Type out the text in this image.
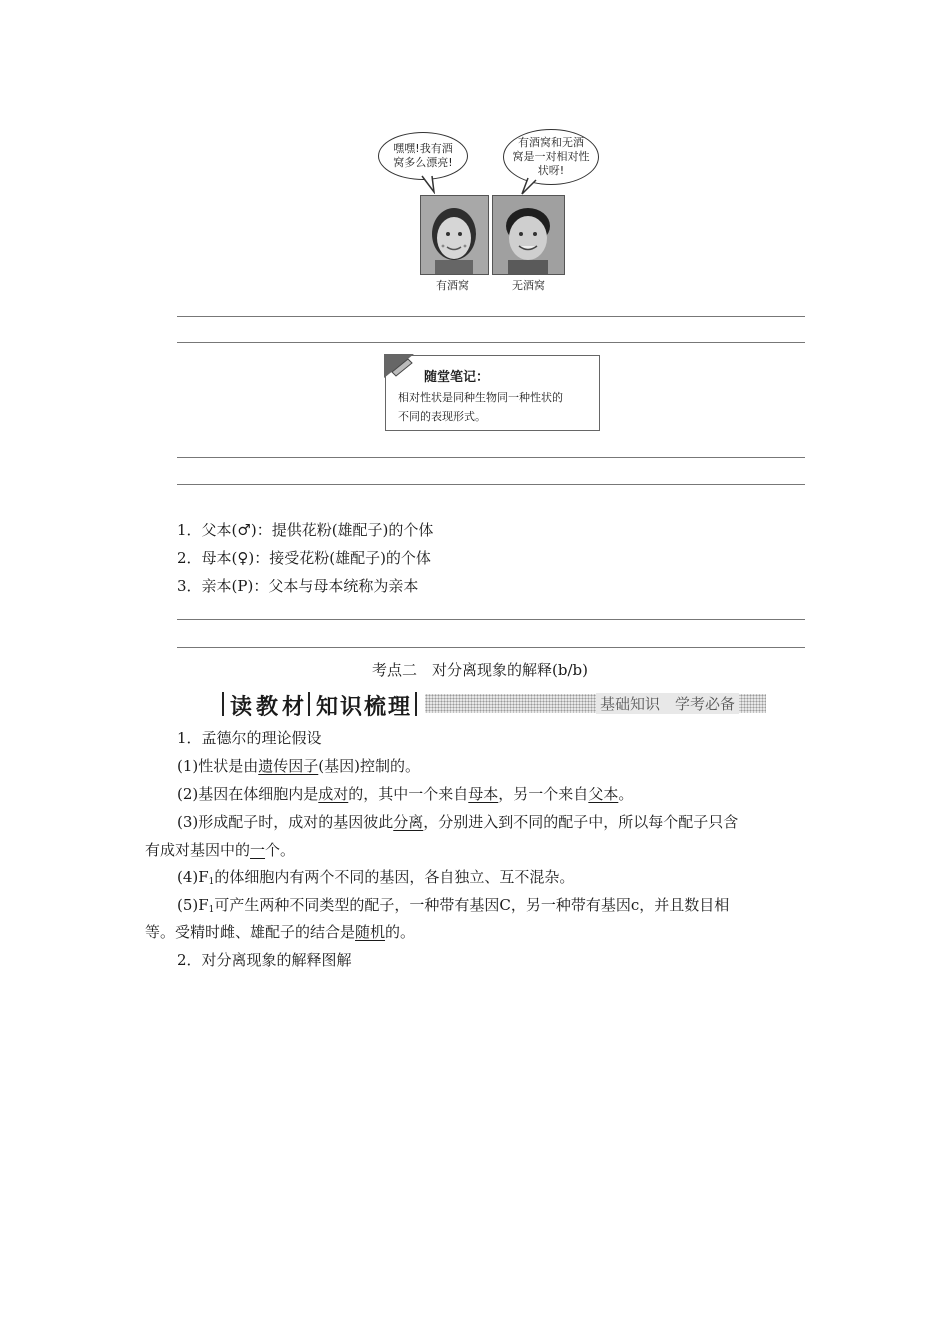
嘿嘿!我有酒
窝多么漂亮!
有酒窝和无酒
窝是一对相对性
状呀!
有酒窝	无酒窝
随堂笔记：
相对性状是同种生物同一种性状的
不同的表现形式。
1．父本(♂)：提供花粉(雄配子)的个体
2．母本(♀)：接受花粉(雄配子)的个体
3．亲本(P)：父本与母本统称为亲本
考点二　对分离现象的解释(b/b)
读教材 知识梳理	基础知识　学考必备
1．孟德尔的理论假设
(1)性状是由遗传因子(基因)控制的。
(2)基因在体细胞内是成对的，其中一个来自母本，另一个来自父本。
(3)形成配子时，成对的基因彼此分离，分别进入到不同的配子中，所以每个配子只含
有成对基因中的一个。
$(4)F_1$的体细胞内有两个不同的基因，各自独立、互不混杂。
$(5)F_1$可产生两种不同类型的配子，一种带有基因C，另一种带有基因c，并且数目相
等。受精时雌、雄配子的结合是随机的。
2．对分离现象的解释图解
